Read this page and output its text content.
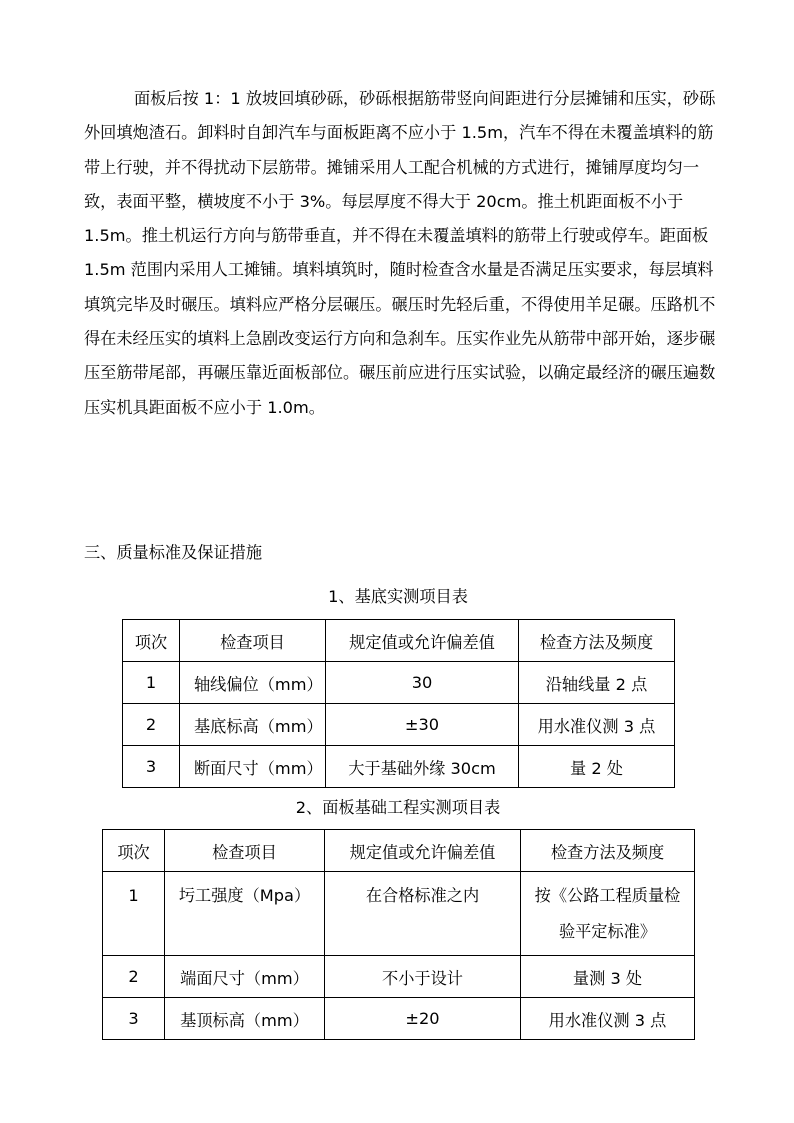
面板后按 1：1 放坡回填砂砾，砂砾根据筋带竖向间距进行分层摊铺和压实，砂砾外回填炮渣石。卸料时自卸汽车与面板距离不应小于 1.5m，汽车不得在未覆盖填料的筋带上行驶，并不得扰动下层筋带。摊铺采用人工配合机械的方式进行，摊铺厚度均匀一致，表面平整，横坡度不小于 3%。每层厚度不得大于 20cm。推土机距面板不小于 1.5m。推土机运行方向与筋带垂直，并不得在未覆盖填料的筋带上行驶或停车。距面板 1.5m 范围内采用人工摊铺。填料填筑时，随时检查含水量是否满足压实要求，每层填料填筑完毕及时碾压。填料应严格分层碾压。碾压时先轻后重，不得使用羊足碾。压路机不得在未经压实的填料上急剧改变运行方向和急刹车。压实作业先从筋带中部开始，逐步碾压至筋带尾部，再碾压靠近面板部位。碾压前应进行压实试验，以确定最经济的碾压遍数压实机具距面板不应小于 1.0m。

三、质量标准及保证措施

1、基底实测项目表

项次	检查项目	规定值或允许偏差值	检查方法及频度
1	轴线偏位（mm）	30	沿轴线量 2 点
2	基底标高（mm）	±30	用水准仪测 3 点
3	断面尺寸（mm）	大于基础外缘 30cm	量 2 处

2、面板基础工程实测项目表

项次	检查项目	规定值或允许偏差值	检查方法及频度
1	圬工强度（Mpa）	在合格标准之内	按《公路工程质量检验平定标准》
2	端面尺寸（mm）	不小于设计	量测 3 处
3	基顶标高（mm）	±20	用水准仪测 3 点
